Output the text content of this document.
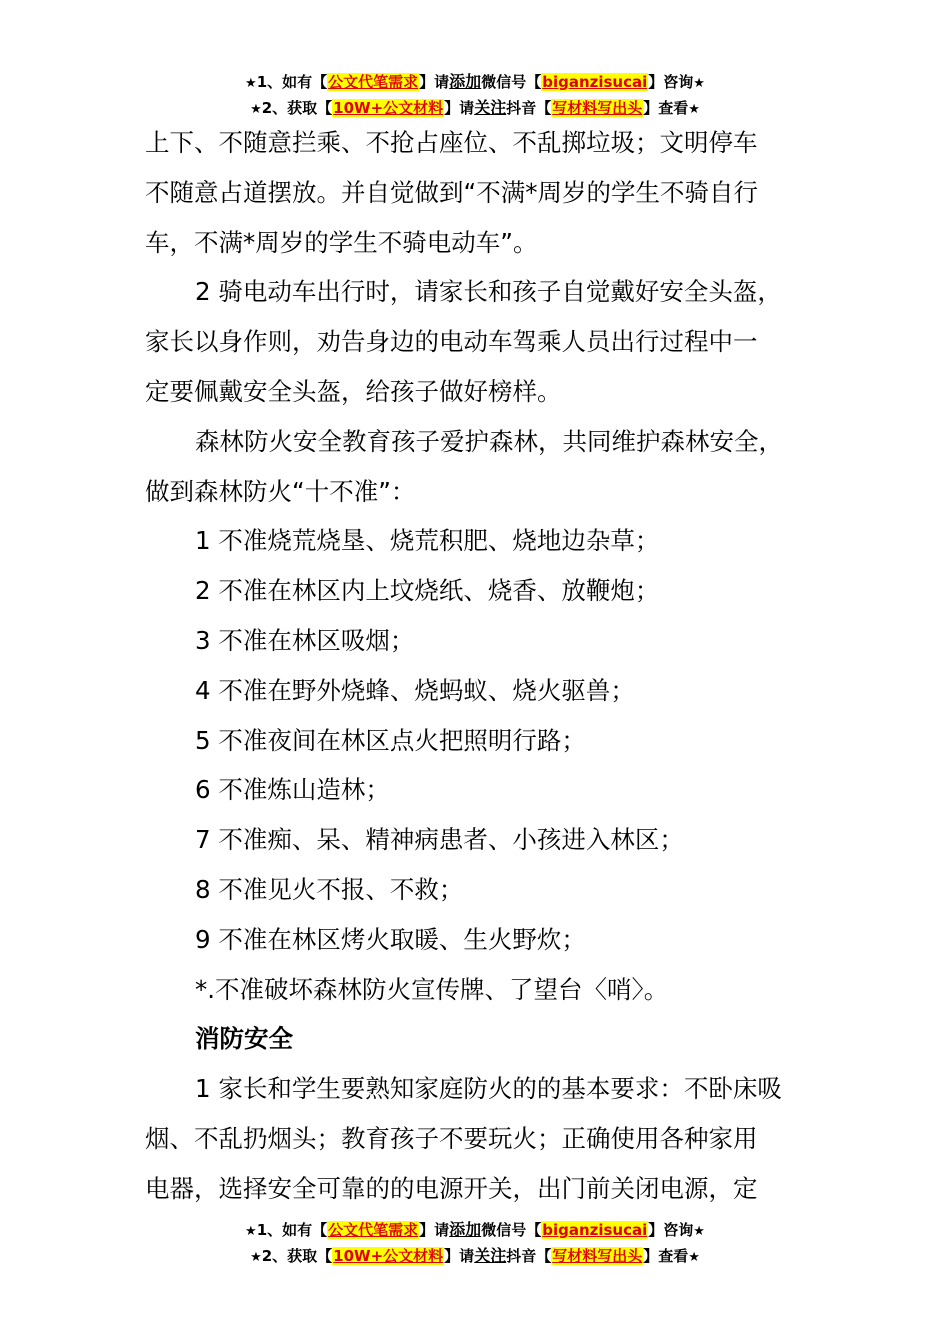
★1、如有【公文代笔需求】请添加微信号【biganzisucai】咨询★
★2、获取【10W+公文材料】请关注抖音【写材料写出头】查看★

上下、不随意拦乘、不抢占座位、不乱掷垃圾；文明停车

不随意占道摆放。并自觉做到“不满*周岁的学生不骑自行

车，不满*周岁的学生不骑电动车”。

2 骑电动车出行时，请家长和孩子自觉戴好安全头盔，

家长以身作则，劝告身边的电动车驾乘人员出行过程中一

定要佩戴安全头盔，给孩子做好榜样。

森林防火安全教育孩子爱护森林，共同维护森林安全，

做到森林防火“十不准”：

1 不准烧荒烧垦、烧荒积肥、烧地边杂草；

2 不准在林区内上坟烧纸、烧香、放鞭炮；

3 不准在林区吸烟；

4 不准在野外烧蜂、烧蚂蚁、烧火驱兽；

5 不准夜间在林区点火把照明行路；

6 不准炼山造林；

7 不准痴、呆、精神病患者、小孩进入林区；

8 不准见火不报、不救；

9 不准在林区烤火取暖、生火野炊；

*.不准破坏森林防火宣传牌、了望台〈哨〉。

消防安全

1 家长和学生要熟知家庭防火的的基本要求：不卧床吸

烟、不乱扔烟头；教育孩子不要玩火；正确使用各种家用

电器，选择安全可靠的的电源开关，出门前关闭电源，定

★1、如有【公文代笔需求】请添加微信号【biganzisucai】咨询★
★2、获取【10W+公文材料】请关注抖音【写材料写出头】查看★
